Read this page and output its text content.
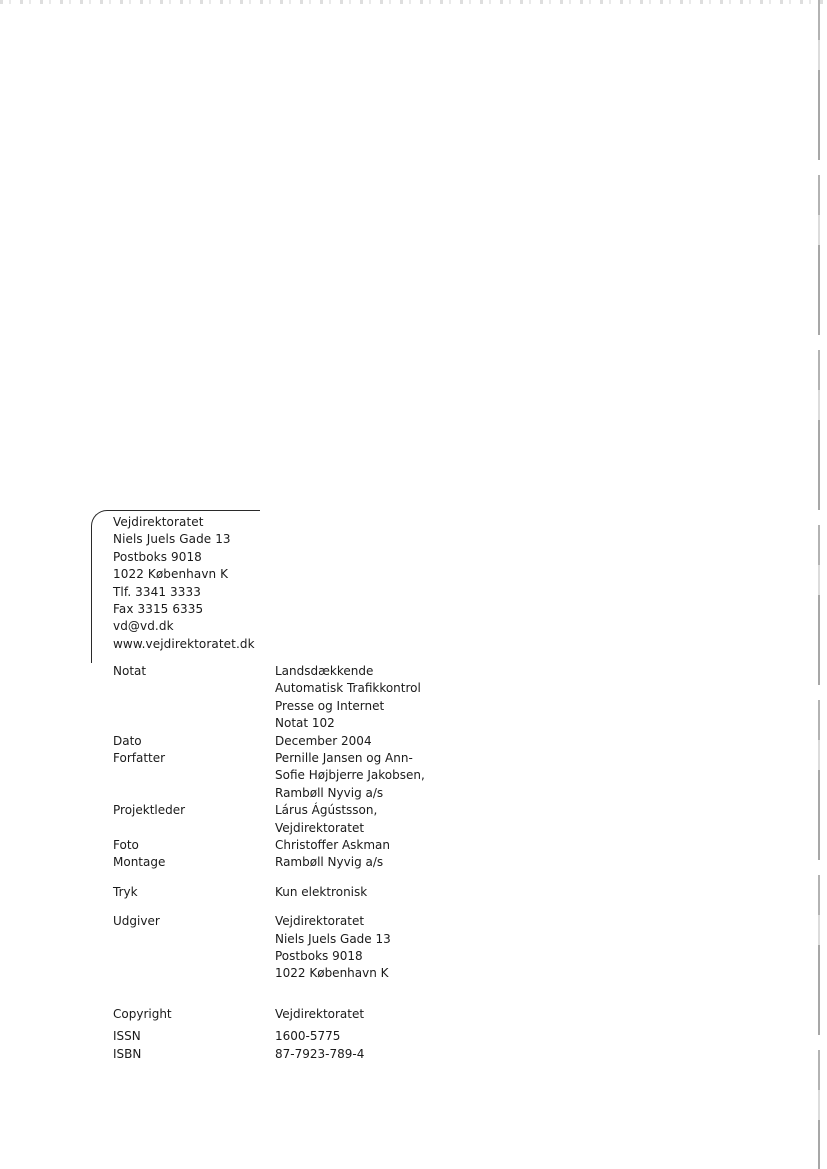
Vejdirektoratet
Niels Juels Gade 13
Postboks 9018
1022 København K
Tlf. 3341 3333
Fax 3315 6335
vd@vd.dk
www.vejdirektoratet.dk
Notat	Landsdækkende
Automatisk Trafikkontrol
Presse og Internet
Notat 102
Dato	December 2004
Forfatter	Pernille Jansen og Ann-
Sofie Højbjerre Jakobsen,
Rambøll Nyvig a/s
Projektleder	Lárus Ágústsson,
Vejdirektoratet
Foto	Christoffer Askman
Montage	Rambøll Nyvig a/s
Tryk	Kun elektronisk
Udgiver	Vejdirektoratet
Niels Juels Gade 13
Postboks 9018
1022 København K
Copyright	Vejdirektoratet
ISSN	1600-5775
ISBN	87-7923-789-4
